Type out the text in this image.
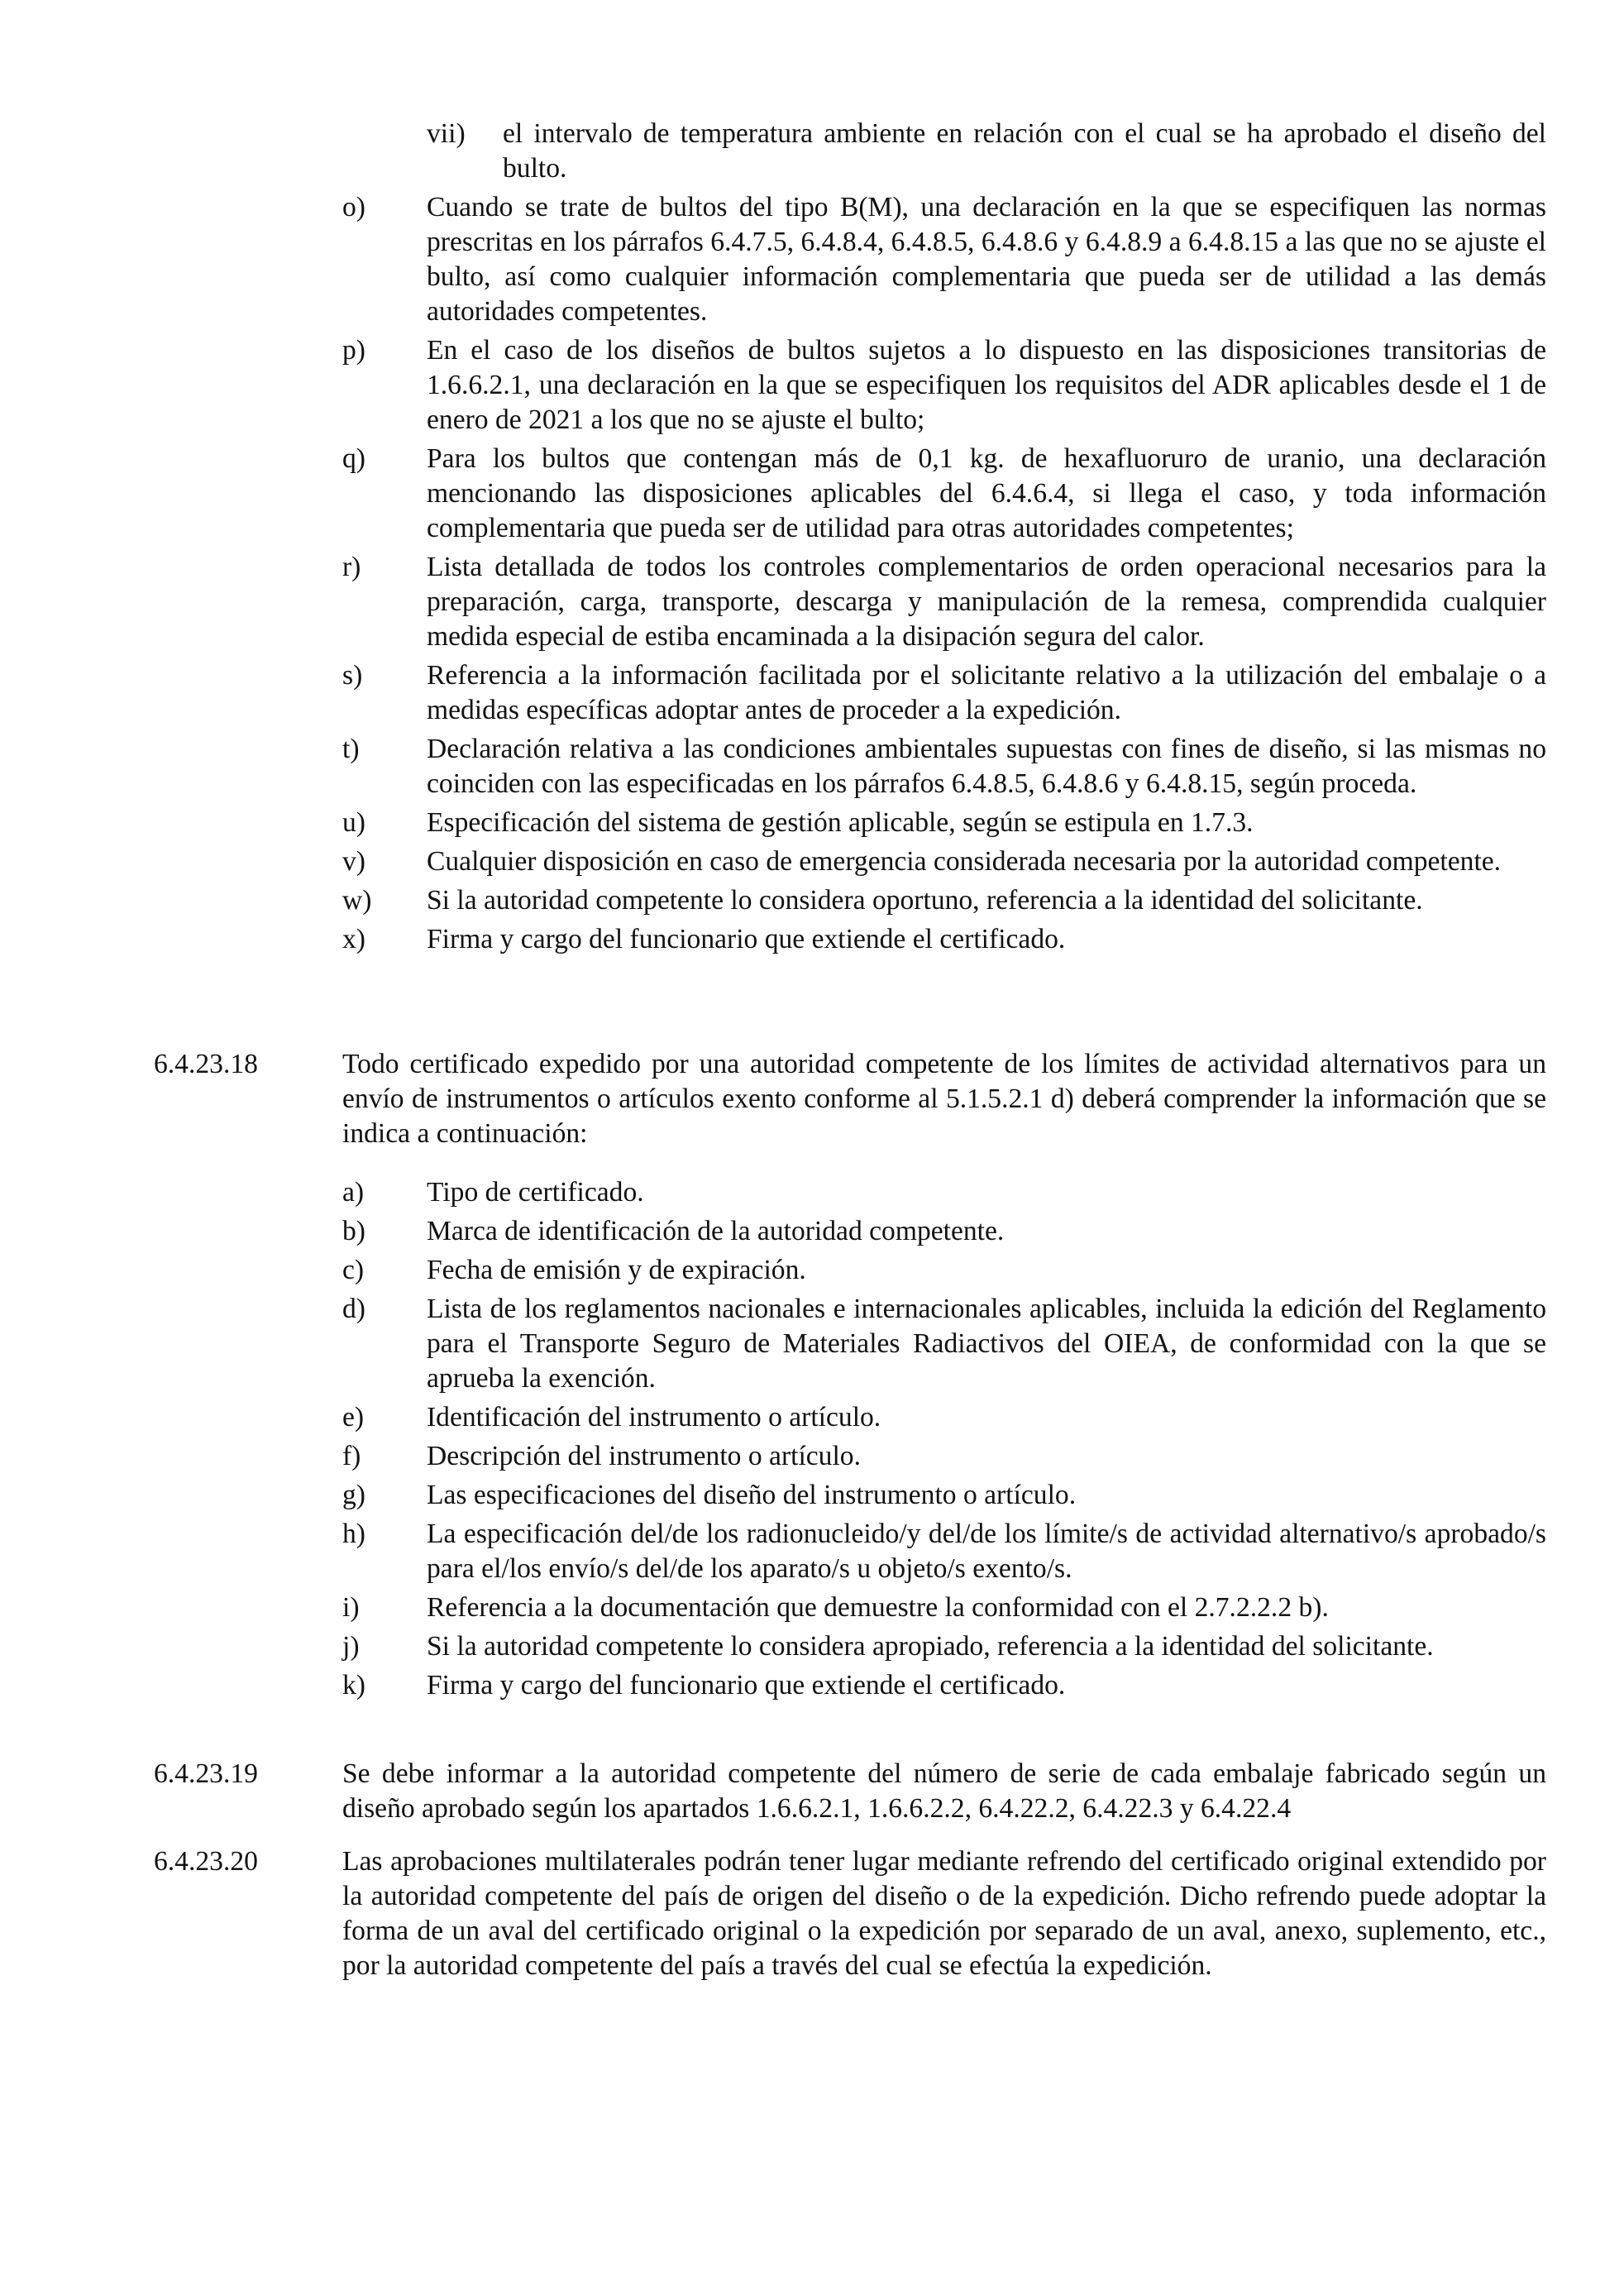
vii) el intervalo de temperatura ambiente en relación con el cual se ha aprobado el diseño del bulto.
o) Cuando se trate de bultos del tipo B(M), una declaración en la que se especifiquen las normas prescritas en los párrafos 6.4.7.5, 6.4.8.4, 6.4.8.5, 6.4.8.6 y 6.4.8.9 a 6.4.8.15 a las que no se ajuste el bulto, así como cualquier información complementaria que pueda ser de utilidad a las demás autoridades competentes.
p) En el caso de los diseños de bultos sujetos a lo dispuesto en las disposiciones transitorias de 1.6.6.2.1, una declaración en la que se especifiquen los requisitos del ADR aplicables desde el 1 de enero de 2021 a los que no se ajuste el bulto;
q) Para los bultos que contengan más de 0,1 kg. de hexafluoruro de uranio, una declaración mencionando las disposiciones aplicables del 6.4.6.4, si llega el caso, y toda información complementaria que pueda ser de utilidad para otras autoridades competentes;
r) Lista detallada de todos los controles complementarios de orden operacional necesarios para la preparación, carga, transporte, descarga y manipulación de la remesa, comprendida cualquier medida especial de estiba encaminada a la disipación segura del calor.
s) Referencia a la información facilitada por el solicitante relativo a la utilización del embalaje o a medidas específicas adoptar antes de proceder a la expedición.
t) Declaración relativa a las condiciones ambientales supuestas con fines de diseño, si las mismas no coinciden con las especificadas en los párrafos 6.4.8.5, 6.4.8.6 y 6.4.8.15, según proceda.
u) Especificación del sistema de gestión aplicable, según se estipula en 1.7.3.
v) Cualquier disposición en caso de emergencia considerada necesaria por la autoridad competente.
w) Si la autoridad competente lo considera oportuno, referencia a la identidad del solicitante.
x) Firma y cargo del funcionario que extiende el certificado.
6.4.23.18	Todo certificado expedido por una autoridad competente de los límites de actividad alternativos para un envío de instrumentos o artículos exento conforme al 5.1.5.2.1 d) deberá comprender la información que se indica a continuación:
a) Tipo de certificado.
b) Marca de identificación de la autoridad competente.
c) Fecha de emisión y de expiración.
d) Lista de los reglamentos nacionales e internacionales aplicables, incluida la edición del Reglamento para el Transporte Seguro de Materiales Radiactivos del OIEA, de conformidad con la que se aprueba la exención.
e) Identificación del instrumento o artículo.
f) Descripción del instrumento o artículo.
g) Las especificaciones del diseño del instrumento o artículo.
h) La especificación del/de los radionucleido/y del/de los límite/s de actividad alternativo/s aprobado/s para el/los envío/s del/de los aparato/s u objeto/s exento/s.
i) Referencia a la documentación que demuestre la conformidad con el 2.7.2.2.2 b).
j) Si la autoridad competente lo considera apropiado, referencia a la identidad del solicitante.
k) Firma y cargo del funcionario que extiende el certificado.
6.4.23.19	Se debe informar a la autoridad competente del número de serie de cada embalaje fabricado según un diseño aprobado según los apartados 1.6.6.2.1, 1.6.6.2.2, 6.4.22.2, 6.4.22.3 y 6.4.22.4
6.4.23.20	Las aprobaciones multilaterales podrán tener lugar mediante refrendo del certificado original extendido por la autoridad competente del país de origen del diseño o de la expedición. Dicho refrendo puede adoptar la forma de un aval del certificado original o la expedición por separado de un aval, anexo, suplemento, etc., por la autoridad competente del país a través del cual se efectúa la expedición.
